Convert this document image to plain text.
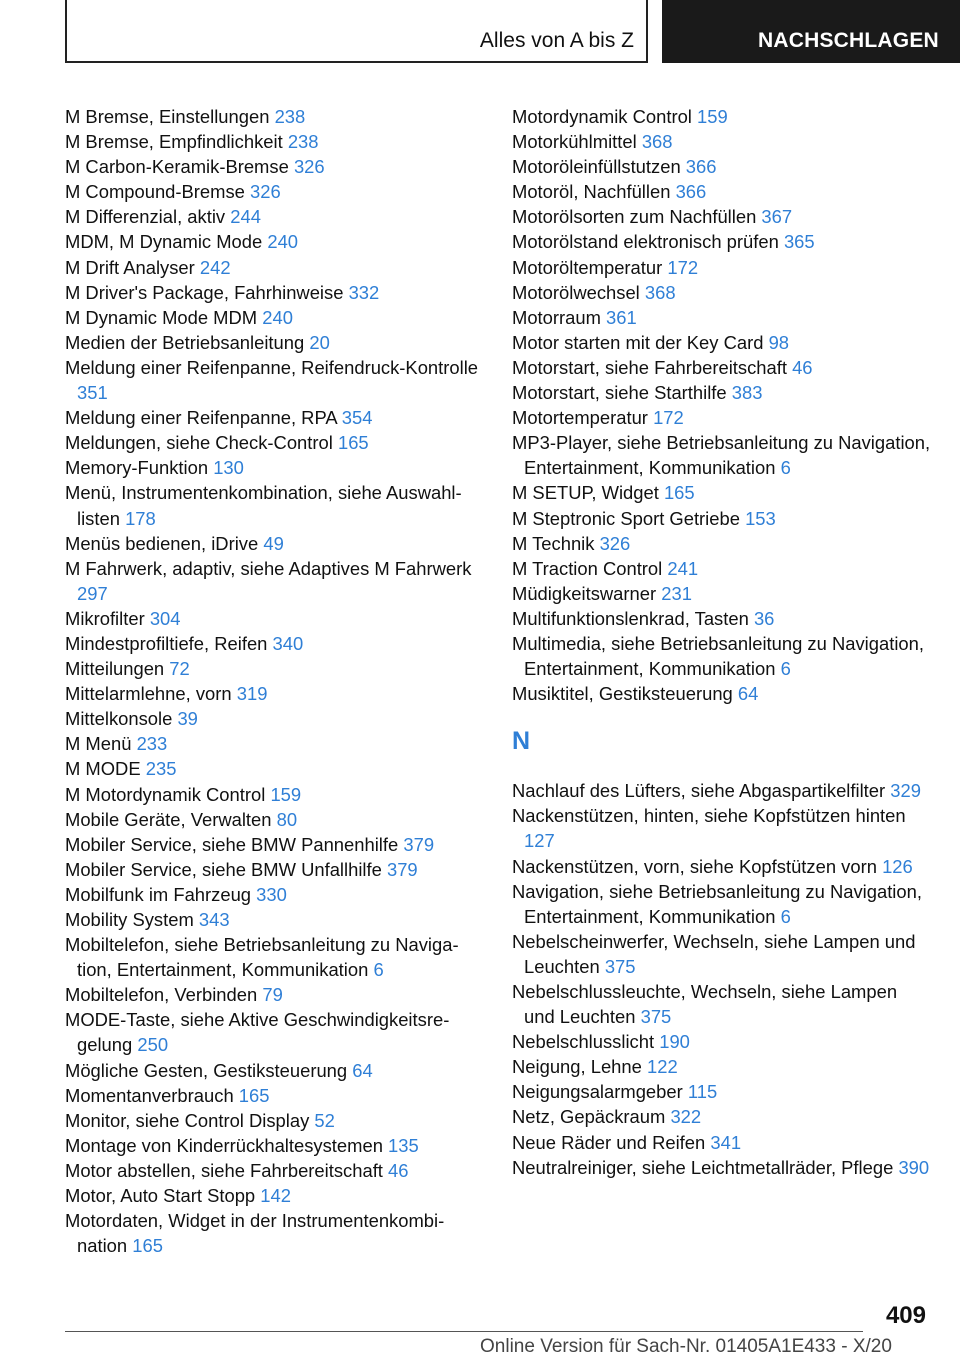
Alles von A bis Z	NACHSCHLAGEN
M Bremse, Einstellungen 238
M Bremse, Empfindlichkeit 238
M Carbon-Keramik-Bremse 326
M Compound-Bremse 326
M Differenzial, aktiv 244
MDM, M Dynamic Mode 240
M Drift Analyser 242
M Driver's Package, Fahrhinweise 332
M Dynamic Mode MDM 240
Medien der Betriebsanleitung 20
Meldung einer Reifenpanne, Reifendruck-Kontrolle 351
Meldung einer Reifenpanne, RPA 354
Meldungen, siehe Check-Control 165
Memory-Funktion 130
Menü, Instrumentenkombination, siehe Auswahllisten 178
Menüs bedienen, iDrive 49
M Fahrwerk, adaptiv, siehe Adaptives M Fahrwerk 297
Mikrofilter 304
Mindestprofiltiefe, Reifen 340
Mitteilungen 72
Mittelarmlehne, vorn 319
Mittelkonsole 39
M Menü 233
M MODE 235
M Motordynamik Control 159
Mobile Geräte, Verwalten 80
Mobiler Service, siehe BMW Pannenhilfe 379
Mobiler Service, siehe BMW Unfallhilfe 379
Mobilfunk im Fahrzeug 330
Mobility System 343
Mobiltelefon, siehe Betriebsanleitung zu Navigation, Entertainment, Kommunikation 6
Mobiltelefon, Verbinden 79
MODE-Taste, siehe Aktive Geschwindigkeitsregelung 250
Mögliche Gesten, Gestiksteuerung 64
Momentanverbrauch 165
Monitor, siehe Control Display 52
Montage von Kinderrückhaltesystemen 135
Motor abstellen, siehe Fahrbereitschaft 46
Motor, Auto Start Stopp 142
Motordaten, Widget in der Instrumentenkombination 165
Motordynamik Control 159
Motorkühlmittel 368
Motoröleinfüllstutzen 366
Motoröl, Nachfüllen 366
Motorölsorten zum Nachfüllen 367
Motorölstand elektronisch prüfen 365
Motoröltemperatur 172
Motorölwechsel 368
Motorraum 361
Motor starten mit der Key Card 98
Motorstart, siehe Fahrbereitschaft 46
Motorstart, siehe Starthilfe 383
Motortemperatur 172
MP3-Player, siehe Betriebsanleitung zu Navigation, Entertainment, Kommunikation 6
M SETUP, Widget 165
M Steptronic Sport Getriebe 153
M Technik 326
M Traction Control 241
Müdigkeitswarner 231
Multifunktionslenkrad, Tasten 36
Multimedia, siehe Betriebsanleitung zu Navigation, Entertainment, Kommunikation 6
Musiktitel, Gestiksteuerung 64
N
Nachlauf des Lüfters, siehe Abgaspartikelfilter 329
Nackenstützen, hinten, siehe Kopfstützen hinten 127
Nackenstützen, vorn, siehe Kopfstützen vorn 126
Navigation, siehe Betriebsanleitung zu Navigation, Entertainment, Kommunikation 6
Nebelscheinwerfer, Wechseln, siehe Lampen und Leuchten 375
Nebelschlussleuchte, Wechseln, siehe Lampen und Leuchten 375
Nebelschlusslicht 190
Neigung, Lehne 122
Neigungsalarmgeber 115
Netz, Gepäckraum 322
Neue Räder und Reifen 341
Neutralreiniger, siehe Leichtmetallräder, Pflege 390
409
Online Version für Sach-Nr. 01405A1E433 - X/20
